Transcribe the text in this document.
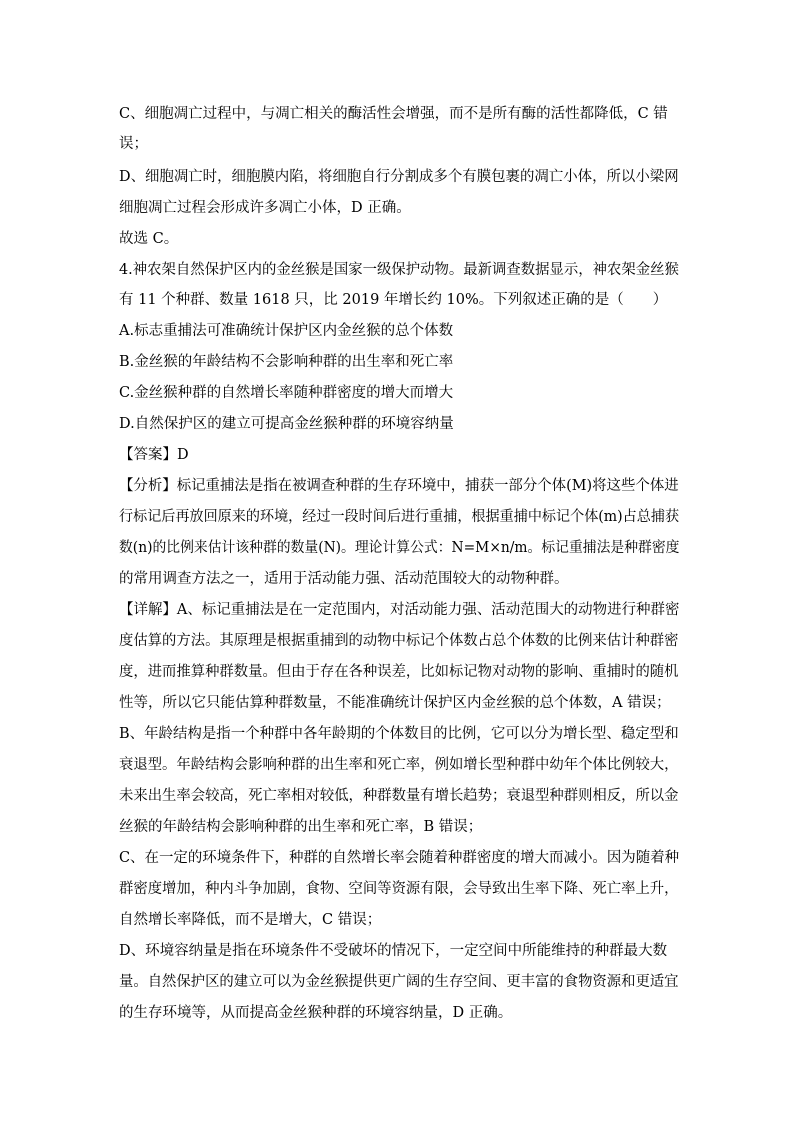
C、细胞凋亡过程中，与凋亡相关的酶活性会增强，而不是所有酶的活性都降低，C 错
误；
D、细胞凋亡时，细胞膜内陷，将细胞自行分割成多个有膜包裹的凋亡小体，所以小梁网
细胞凋亡过程会形成许多凋亡小体，D 正确。
故选 C。
4.神农架自然保护区内的金丝猴是国家一级保护动物。最新调查数据显示，神农架金丝猴
有 11 个种群、数量 1618 只，比 2019 年增长约 10%。下列叙述正确的是（　　）
A.标志重捕法可准确统计保护区内金丝猴的总个体数
B.金丝猴的年龄结构不会影响种群的出生率和死亡率
C.金丝猴种群的自然增长率随种群密度的增大而增大
D.自然保护区的建立可提高金丝猴种群的环境容纳量
【答案】D
【分析】标记重捕法是指在被调查种群的生存环境中，捕获一部分个体(M)将这些个体进
行标记后再放回原来的环境，经过一段时间后进行重捕，根据重捕中标记个体(m)占总捕获
数(n)的比例来估计该种群的数量(N)。理论计算公式：N=M×n/m。标记重捕法是种群密度
的常用调查方法之一，适用于活动能力强、活动范围较大的动物种群。
【详解】A、标记重捕法是在一定范围内，对活动能力强、活动范围大的动物进行种群密
度估算的方法。其原理是根据重捕到的动物中标记个体数占总个体数的比例来估计种群密
度，进而推算种群数量。但由于存在各种误差，比如标记物对动物的影响、重捕时的随机
性等，所以它只能估算种群数量，不能准确统计保护区内金丝猴的总个体数，A 错误；
B、年龄结构是指一个种群中各年龄期的个体数目的比例，它可以分为增长型、稳定型和
衰退型。年龄结构会影响种群的出生率和死亡率，例如增长型种群中幼年个体比例较大，
未来出生率会较高，死亡率相对较低，种群数量有增长趋势；衰退型种群则相反，所以金
丝猴的年龄结构会影响种群的出生率和死亡率，B 错误；
C、在一定的环境条件下，种群的自然增长率会随着种群密度的增大而减小。因为随着种
群密度增加，种内斗争加剧，食物、空间等资源有限，会导致出生率下降、死亡率上升，
自然增长率降低，而不是增大，C 错误；
D、环境容纳量是指在环境条件不受破坏的情况下，一定空间中所能维持的种群最大数
量。自然保护区的建立可以为金丝猴提供更广阔的生存空间、更丰富的食物资源和更适宜
的生存环境等，从而提高金丝猴种群的环境容纳量，D 正确。
